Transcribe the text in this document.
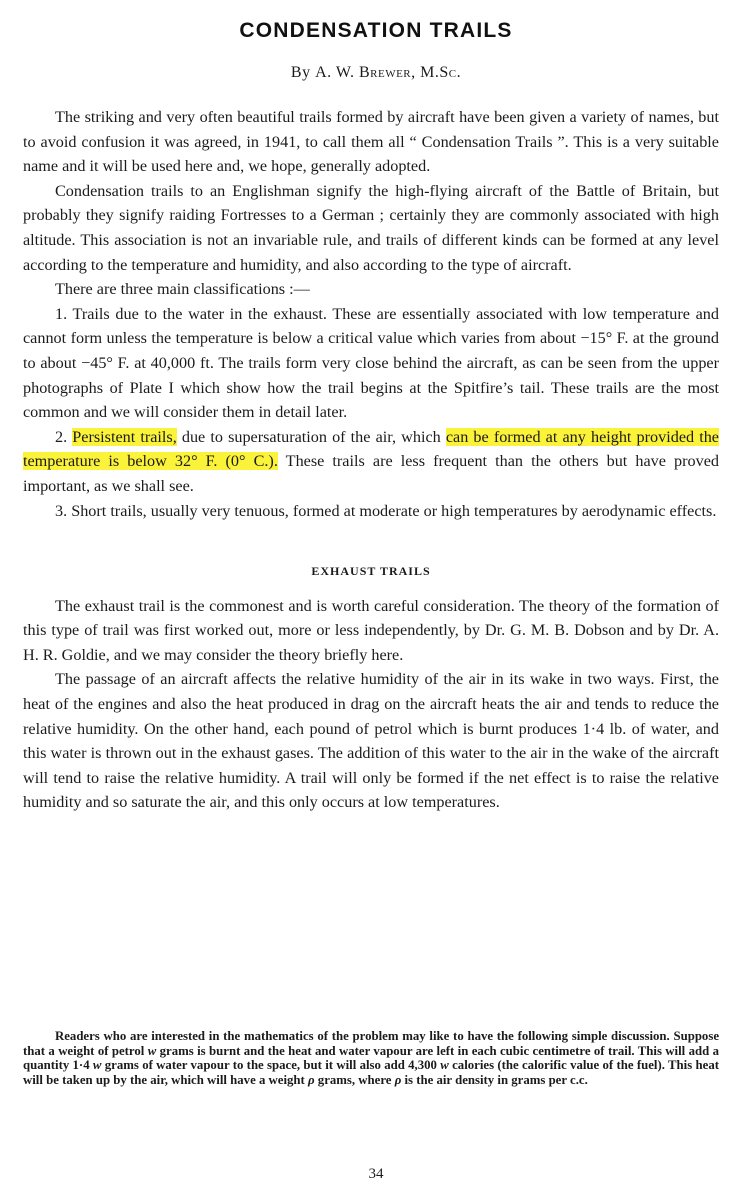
CONDENSATION TRAILS
By A. W. Brewer, M.Sc.

The striking and very often beautiful trails formed by aircraft have been given a variety of names, but to avoid confusion it was agreed, in 1941, to call them all “ Condensation Trails ”. This is a very suitable name and it will be used here and, we hope, generally adopted.

Condensation trails to an Englishman signify the high-flying aircraft of the Battle of Britain, but probably they signify raiding Fortresses to a German ; certainly they are commonly associated with high altitude. This association is not an invariable rule, and trails of different kinds can be formed at any level according to the temperature and humidity, and also according to the type of aircraft.

There are three main classifications :—

1. Trails due to the water in the exhaust. These are essentially associated with low temperature and cannot form unless the temperature is below a critical value which varies from about −15° F. at the ground to about −45° F. at 40,000 ft. The trails form very close behind the aircraft, as can be seen from the upper photographs of Plate I which show how the trail begins at the Spitfire’s tail. These trails are the most common and we will consider them in detail later.

2. Persistent trails, due to supersaturation of the air, which can be formed at any height provided the temperature is below 32° F. (0° C.). These trails are less frequent than the others but have proved important, as we shall see.

3. Short trails, usually very tenuous, formed at moderate or high temperatures by aerodynamic effects.

EXHAUST TRAILS

The exhaust trail is the commonest and is worth careful consideration. The theory of the formation of this type of trail was first worked out, more or less independently, by Dr. G. M. B. Dobson and by Dr. A. H. R. Goldie, and we may consider the theory briefly here.

The passage of an aircraft affects the relative humidity of the air in its wake in two ways. First, the heat of the engines and also the heat produced in drag on the aircraft heats the air and tends to reduce the relative humidity. On the other hand, each pound of petrol which is burnt produces 1·4 lb. of water, and this water is thrown out in the exhaust gases. The addition of this water to the air in the wake of the aircraft will tend to raise the relative humidity. A trail will only be formed if the net effect is to raise the relative humidity and so saturate the air, and this only occurs at low temperatures.

Readers who are interested in the mathematics of the problem may like to have the following simple discussion. Suppose that a weight of petrol w grams is burnt and the heat and water vapour are left in each cubic centimetre of trail. This will add a quantity 1·4 w grams of water vapour to the space, but it will also add 4,300 w calories (the calorific value of the fuel). This heat will be taken up by the air, which will have a weight ρ grams, where ρ is the air density in grams per c.c.

34
